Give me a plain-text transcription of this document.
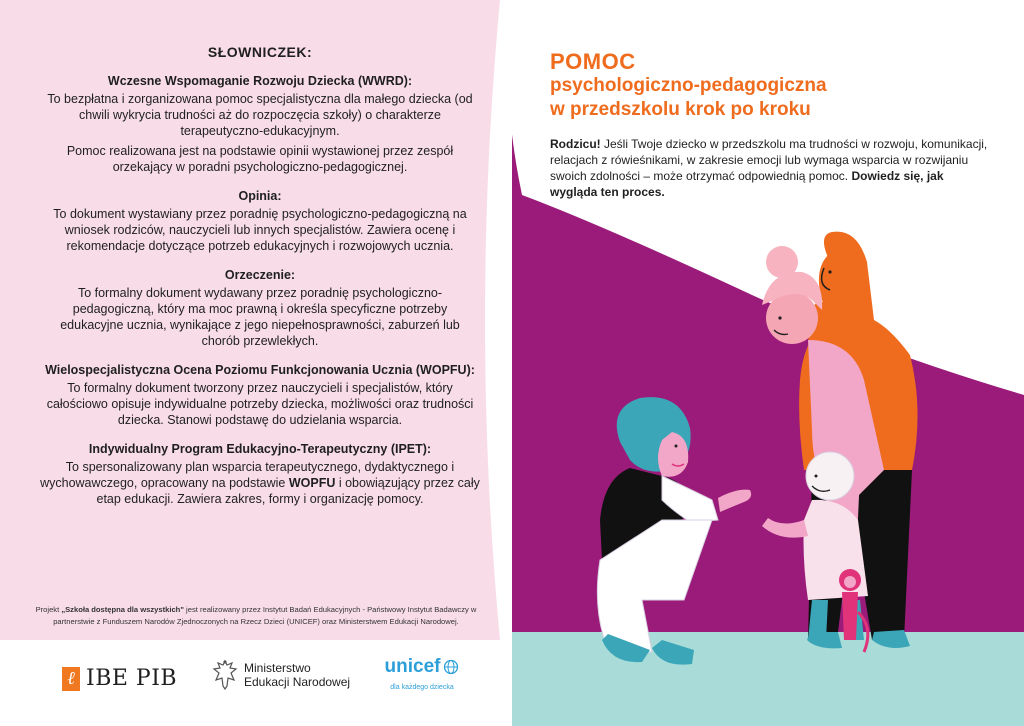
SŁOWNICZEK:
Wczesne Wspomaganie Rozwoju Dziecka (WWRD):
To bezpłatna i zorganizowana pomoc specjalistyczna dla małego dziecka (od chwili wykrycia trudności aż do rozpoczęcia szkoły) o charakterze terapeutyczno-edukacyjnym.
Pomoc realizowana jest na podstawie opinii wystawionej przez zespół orzekający w poradni psychologiczno-pedagogicznej.
Opinia:
To dokument wystawiany przez poradnię psychologiczno-pedagogiczną na wniosek rodziców, nauczycieli lub innych specjalistów. Zawiera ocenę i rekomendacje dotyczące potrzeb edukacyjnych i rozwojowych ucznia.
Orzeczenie:
To formalny dokument wydawany przez poradnię psychologiczno-pedagogiczną, który ma moc prawną i określa specyficzne potrzeby edukacyjne ucznia, wynikające z jego niepełnosprawności, zaburzeń lub chorób przewlekłych.
Wielospecjalistyczna Ocena Poziomu Funkcjonowania Ucznia (WOPFU):
To formalny dokument tworzony przez nauczycieli i specjalistów, który całościowo opisuje indywidualne potrzeby dziecka, możliwości oraz trudności dziecka. Stanowi podstawę do udzielania wsparcia.
Indywidualny Program Edukacyjno-Terapeutyczny (IPET):
To spersonalizowany plan wsparcia terapeutycznego, dydaktycznego i wychowawczego, opracowany na podstawie WOPFU i obowiązujący przez cały etap edukacji. Zawiera zakres, formy i organizację pomocy.
Projekt „Szkoła dostępna dla wszystkich" jest realizowany przez Instytut Badań Edukacyjnych - Państwowy Instytut Badawczy w partnerstwie z Funduszem Narodów Zjednoczonych na Rzecz Dzieci (UNICEF) oraz Ministerstwem Edukacji Narodowej.
ℓ IBE PIB	Ministerstwo
Edukacji Narodowej
unicef
dla każdego dziecka
POMOC
psychologiczno-pedagogiczna
w przedszkolu krok po kroku
Rodzicu! Jeśli Twoje dziecko w przedszkolu ma trudności w rozwoju, komunikacji, relacjach z rówieśnikami, w zakresie emocji lub wymaga wsparcia w rozwijaniu swoich zdolności – może otrzymać odpowiednią pomoc. Dowiedz się, jak wygląda ten proces.
